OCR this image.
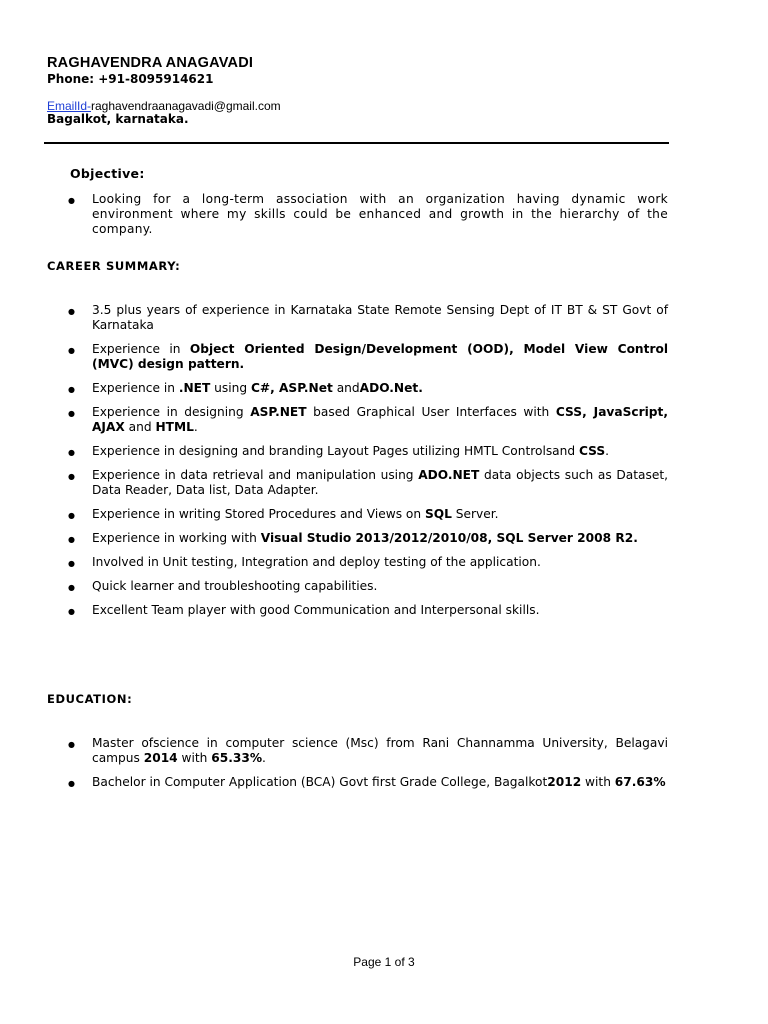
RAGHAVENDRA ANAGAVADI
Phone: +91-8095914621
EmailId-raghavendraanagavadi@gmail.com
Bagalkot, karnataka.
Objective:
● Looking for a long-term association with an organization having dynamic work environment where my skills could be enhanced and growth in the hierarchy of the company.
CAREER SUMMARY:
● 3.5 plus years of experience in Karnataka State Remote Sensing Dept of IT BT & ST Govt of Karnataka
● Experience in Object Oriented Design/Development (OOD), Model View Control (MVC) design pattern.
● Experience in .NET using C#, ASP.Net andADO.Net.
● Experience in designing ASP.NET based Graphical User Interfaces with CSS, JavaScript, AJAX and HTML.
● Experience in designing and branding Layout Pages utilizing HMTL Controlsand CSS.
● Experience in data retrieval and manipulation using ADO.NET data objects such as Dataset, Data Reader, Data list, Data Adapter.
● Experience in writing Stored Procedures and Views on SQL Server.
● Experience in working with Visual Studio 2013/2012/2010/08, SQL Server 2008 R2.
● Involved in Unit testing, Integration and deploy testing of the application.
● Quick learner and troubleshooting capabilities.
● Excellent Team player with good Communication and Interpersonal skills.
EDUCATION:
● Master ofscience in computer science (Msc) from Rani Channamma University, Belagavi campus 2014 with 65.33%.
● Bachelor in Computer Application (BCA) Govt first Grade College, Bagalkot2012 with 67.63%
Page 1 of 3
